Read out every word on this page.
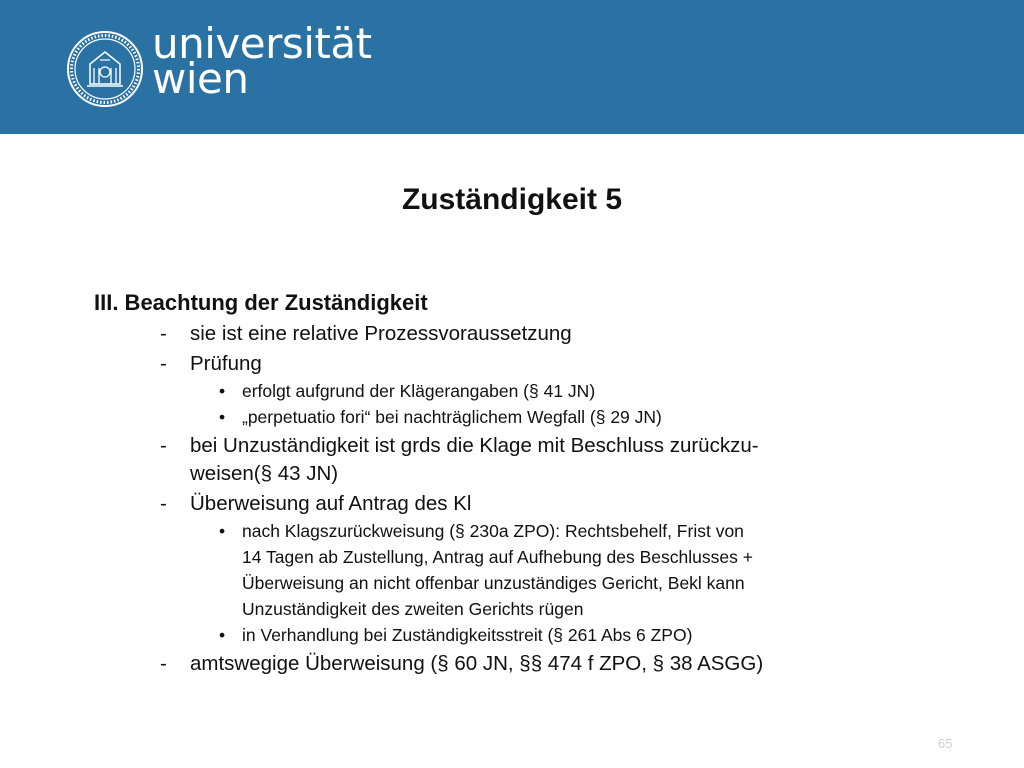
universität
wien
Zuständigkeit 5

III. Beachtung der Zuständigkeit

- sie ist eine relative Prozessvoraussetzung
- Prüfung
• erfolgt aufgrund der Klägerangaben (§ 41 JN)
• „perpetuatio fori“ bei nachträglichem Wegfall (§ 29 JN)
- bei Unzuständigkeit ist grds die Klage mit Beschluss zurückzu-
weisen(§ 43 JN)
- Überweisung auf Antrag des Kl
• nach Klagszurückweisung (§ 230a ZPO): Rechtsbehelf, Frist von
14 Tagen ab Zustellung, Antrag auf Aufhebung des Beschlusses +
Überweisung an nicht offenbar unzuständiges Gericht, Bekl kann
Unzuständigkeit des zweiten Gerichts rügen
• in Verhandlung bei Zuständigkeitsstreit (§ 261 Abs 6 ZPO)
- amtswegige Überweisung (§ 60 JN, §§ 474 f ZPO, § 38 ASGG)
65
